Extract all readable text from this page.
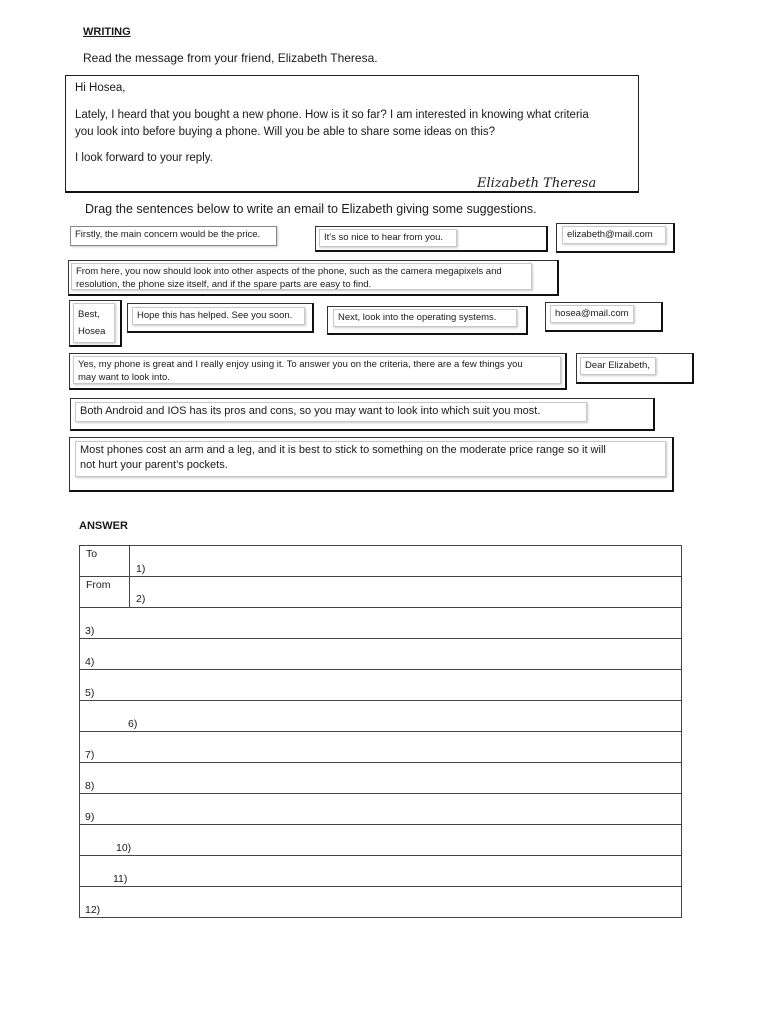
WRITING
Read the message from your friend, Elizabeth Theresa.

Hi Hosea,

Lately, I heard that you bought a new phone. How is it so far? I am interested in knowing what criteria

you look into before buying a phone. Will you be able to share some ideas on this?

I look forward to your reply.

Elizabeth Theresa
Drag the sentences below to write an email to Elizabeth giving some suggestions.
Firstly, the main concern would be the price.	It's so nice to hear from you.	elizabeth@mail.com
From here, you now should look into other aspects of the phone, such as the camera megapixels and
resolution, the phone size itself, and if the spare parts are easy to find.
Best,
Hosea
Hope this has helped. See you soon.	Next, look into the operating systems.	hosea@mail.com
Yes, my phone is great and I really enjoy using it. To answer you on the criteria, there are a few things you
may want to look into.
Dear Elizabeth,
Both Android and IOS has its pros and cons, so you may want to look into which suit you most.
Most phones cost an arm and a leg, and it is best to stick to something on the moderate price range so it will
not hurt your parent’s pockets.
ANSWER
To	1)

From	2)

3)	

4)	

5)	

6)	

7)	

8)	

9)	

10)	

11)	

12)	
